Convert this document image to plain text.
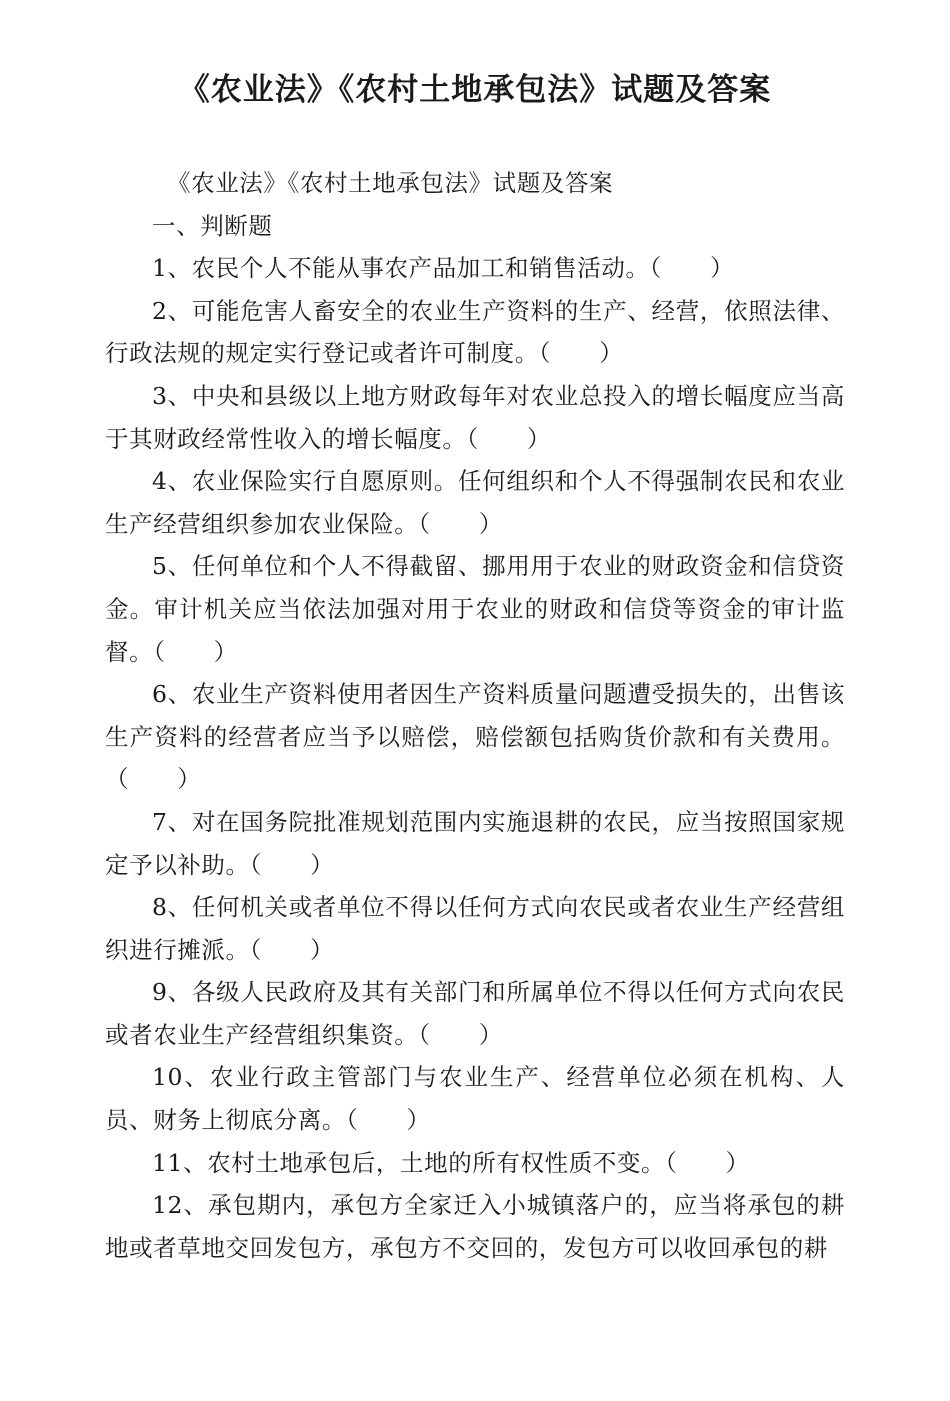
《农业法》《农村土地承包法》试题及答案

《农业法》《农村土地承包法》试题及答案

一、判断题

1、农民个人不能从事农产品加工和销售活动。（　　）

2、可能危害人畜安全的农业生产资料的生产、经营，依照法律、行政法规的规定实行登记或者许可制度。（　　）

3、中央和县级以上地方财政每年对农业总投入的增长幅度应当高于其财政经常性收入的增长幅度。（　　）

4、农业保险实行自愿原则。任何组织和个人不得强制农民和农业生产经营组织参加农业保险。（　　）

5、任何单位和个人不得截留、挪用用于农业的财政资金和信贷资金。审计机关应当依法加强对用于农业的财政和信贷等资金的审计监督。（　　）

6、农业生产资料使用者因生产资料质量问题遭受损失的，出售该生产资料的经营者应当予以赔偿，赔偿额包括购货价款和有关费用。（　　）

7、对在国务院批准规划范围内实施退耕的农民，应当按照国家规定予以补助。（　　）

8、任何机关或者单位不得以任何方式向农民或者农业生产经营组织进行摊派。（　　）

9、各级人民政府及其有关部门和所属单位不得以任何方式向农民或者农业生产经营组织集资。（　　）

10、农业行政主管部门与农业生产、经营单位必须在机构、人员、财务上彻底分离。（　　）

11、农村土地承包后，土地的所有权性质不变。（　　）

12、承包期内，承包方全家迁入小城镇落户的，应当将承包的耕地或者草地交回发包方，承包方不交回的，发包方可以收回承包的耕
